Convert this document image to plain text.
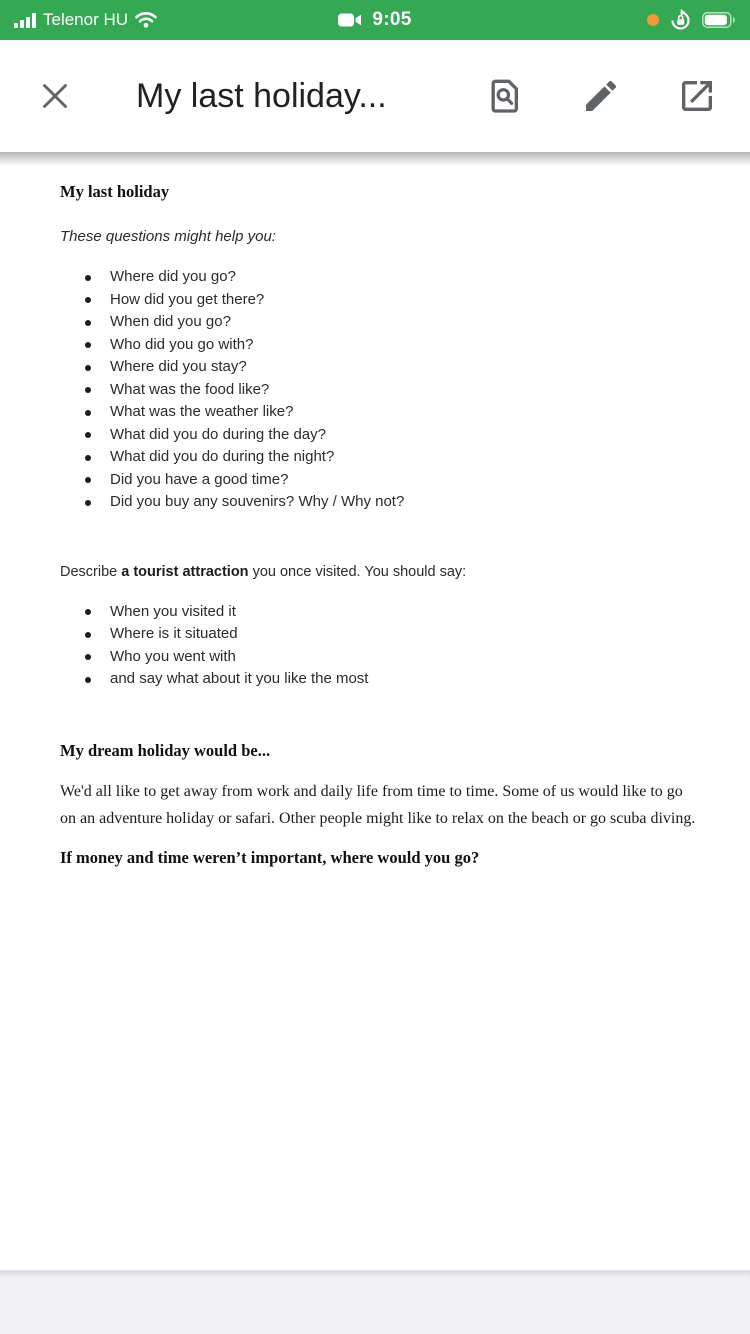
Telenor HU	9:05
My last holiday...
My last holiday
These questions might help you:
Where did you go?
How did you get there?
When did you go?
Who did you go with?
Where did you stay?
What was the food like?
What was the weather like?
What did you do during the day?
What did you do during the night?
Did you have a good time?
Did you buy any souvenirs? Why / Why not?
Describe a tourist attraction you once visited. You should say:
When you visited it
Where is it situated
Who you went with
and say what about it you like the most
My dream holiday would be...

We'd all like to get away from work and daily life from time to time. Some of us would like to go on an adventure holiday or safari. Other people might like to relax on the beach or go scuba diving.

If money and time weren’t important, where would you go?
